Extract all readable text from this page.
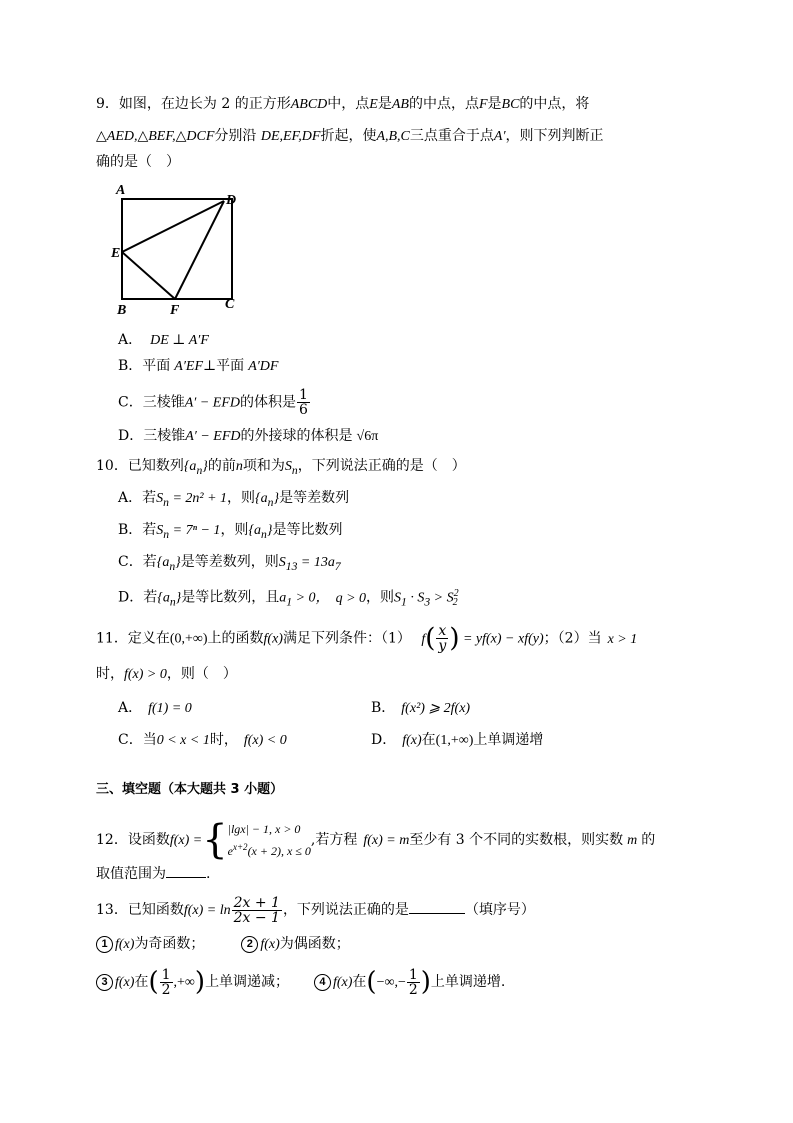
9．如图，在边长为 2 的正方形ABCD中，点E是AB的中点，点F是BC的中点，将
△AED,△BEF,△DCF分别沿 DE,EF,DF折起，使A,B,C三点重合于点A′，则下列判断正
确的是（　）
A
D
E
B	F	C
A． DE ⊥ A′F
B．平面 A′EF⊥平面 A′DF
C．三棱锥A′ − EFD的体积是 $\frac{1}{6}$
D．三棱锥A′ − EFD的外接球的体积是 √6π
10．已知数列$\{a_n\}$的前n项和为$S_n$，下列说法正确的是（　）
A．若$S_n = 2n^2 + 1$，则$\{a_n\}$是等差数列
B．若$S_n = 7^n - 1$，则$\{a_n\}$是等比数列
C．若$\{a_n\}$是等差数列，则$S_{13} = 13a_7$
D．若$\{a_n\}$是等比数列，且$a_1 > 0$， q > 0，则$S_1 \cdot S_3 > S^2_2$
11．定义在(0,+∞)上的函数f(x)满足下列条件：（1） $f( \frac{x}{y}$ ) = yf(x) − xf(y)；（2）当 x > 1
时，f(x) > 0，则（　）
A． f(1) = 0	B． f(x²) ⩾ 2f(x)
C．当0 < x < 1时， f(x) < 0	D． f(x)在(1,+∞)上单调递增
三、填空题（本大题共 3 小题）
12．设函数f(x) ={ |lgx| − 1, x > 0
$e^{x+2}(x + 2)$, x ≤ 0
,若方程 f(x) = m至少有 3 个不同的实数根，则实数 m 的
取值范围为	.
13．已知函数$f(x) = \ln \frac{2x + 1}{2x - 1}$ ，下列说法正确的是	（填序号）
1 f(x)为奇函数；	2 f(x)为偶函数；
3 f(x)在( $\frac{1}{2}$ ,+∞)上单调递减；	4 f(x)在(−∞,− $\frac{1}{2}$ )上单调递增.
